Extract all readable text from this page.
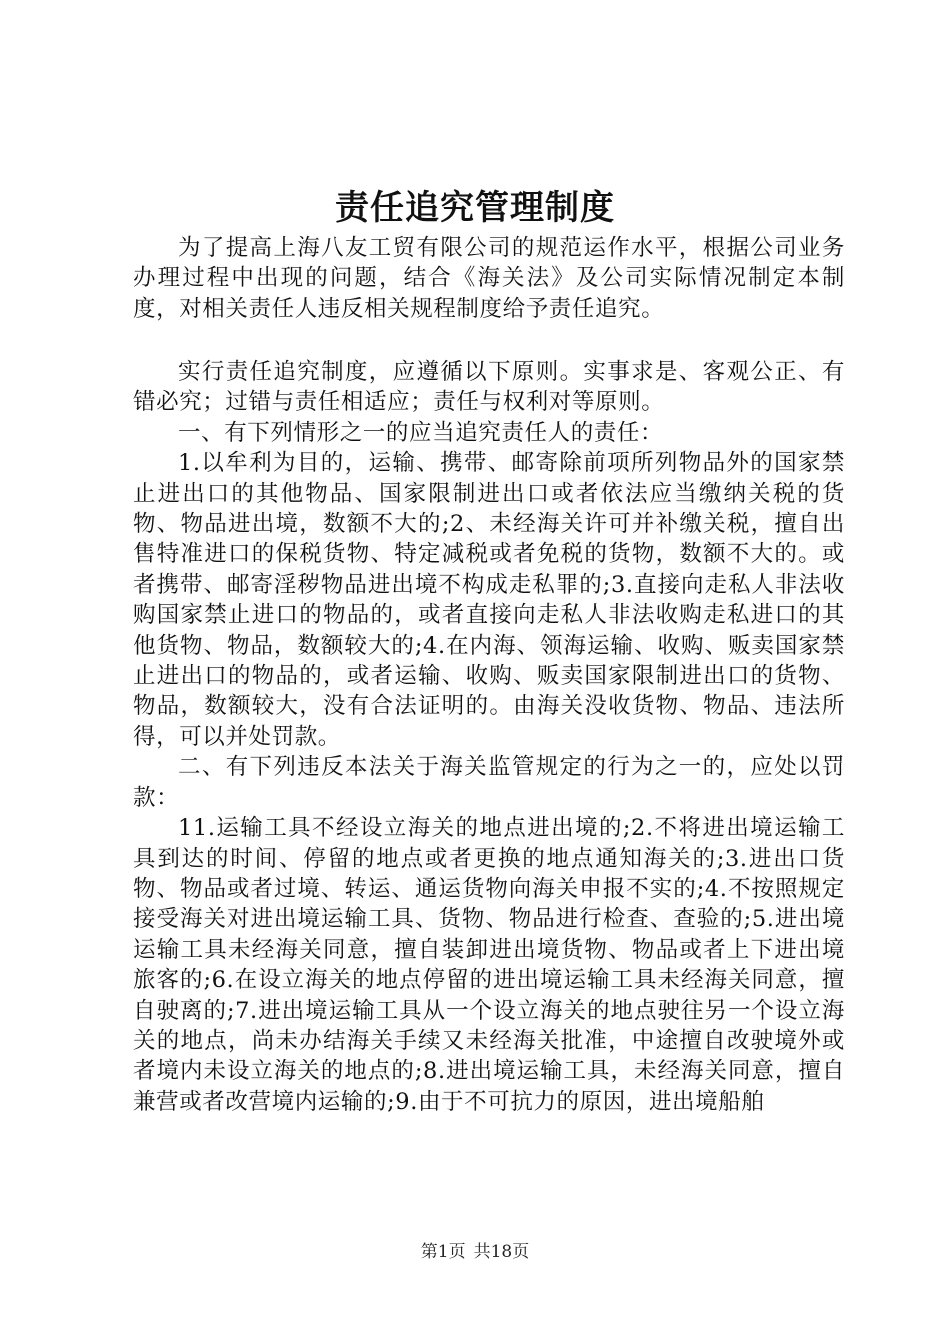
责任追究管理制度

为了提高上海八友工贸有限公司的规范运作水平，根据公司业务办理过程中出现的问题，结合《海关法》及公司实际情况制定本制度，对相关责任人违反相关规程制度给予责任追究。

实行责任追究制度，应遵循以下原则。实事求是、客观公正、有错必究；过错与责任相适应；责任与权利对等原则。

一、有下列情形之一的应当追究责任人的责任：

1.以牟利为目的，运输、携带、邮寄除前项所列物品外的国家禁止进出口的其他物品、国家限制进出口或者依法应当缴纳关税的货物、物品进出境，数额不大的;2、未经海关许可并补缴关税，擅自出售特准进口的保税货物、特定减税或者免税的货物，数额不大的。或者携带、邮寄淫秽物品进出境不构成走私罪的;3.直接向走私人非法收购国家禁止进口的物品的，或者直接向走私人非法收购走私进口的其他货物、物品，数额较大的;4.在内海、领海运输、收购、贩卖国家禁止进出口的物品的，或者运输、收购、贩卖国家限制进出口的货物、物品，数额较大，没有合法证明的。由海关没收货物、物品、违法所得，可以并处罚款。

二、有下列违反本法关于海关监管规定的行为之一的，应处以罚款：

11.运输工具不经设立海关的地点进出境的;2.不将进出境运输工具到达的时间、停留的地点或者更换的地点通知海关的;3.进出口货物、物品或者过境、转运、通运货物向海关申报不实的;4.不按照规定接受海关对进出境运输工具、货物、物品进行检查、查验的;5.进出境运输工具未经海关同意，擅自装卸进出境货物、物品或者上下进出境旅客的;6.在设立海关的地点停留的进出境运输工具未经海关同意，擅自驶离的;7.进出境运输工具从一个设立海关的地点驶往另一个设立海关的地点，尚未办结海关手续又未经海关批准，中途擅自改驶境外或者境内未设立海关的地点的;8.进出境运输工具，未经海关同意，擅自兼营或者改营境内运输的;9.由于不可抗力的原因，进出境船舶

第1页 共18页
